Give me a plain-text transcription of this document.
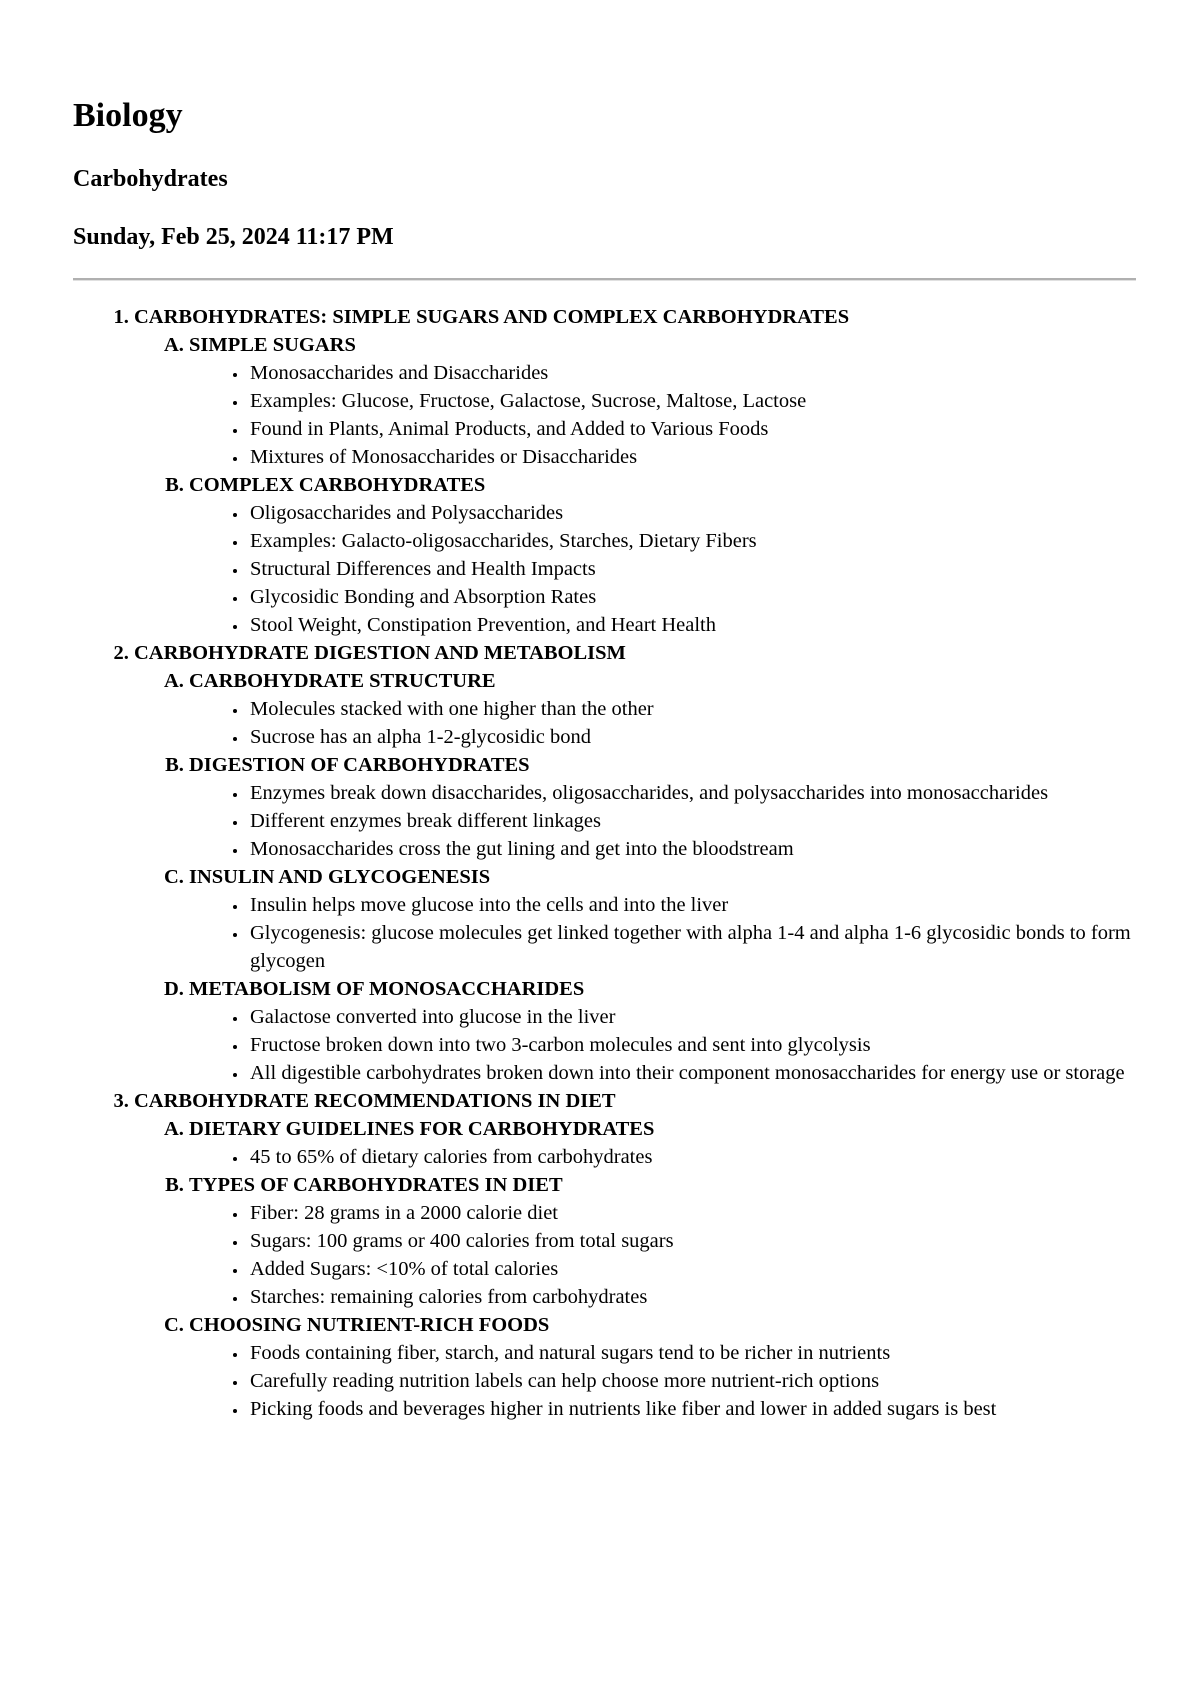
Biology
Carbohydrates
Sunday, Feb 25, 2024 11:17 PM
1. CARBOHYDRATES: SIMPLE SUGARS AND COMPLEX CARBOHYDRATES
A. SIMPLE SUGARS
• Monosaccharides and Disaccharides
• Examples: Glucose, Fructose, Galactose, Sucrose, Maltose, Lactose
• Found in Plants, Animal Products, and Added to Various Foods
• Mixtures of Monosaccharides or Disaccharides
B. COMPLEX CARBOHYDRATES
• Oligosaccharides and Polysaccharides
• Examples: Galacto-oligosaccharides, Starches, Dietary Fibers
• Structural Differences and Health Impacts
• Glycosidic Bonding and Absorption Rates
• Stool Weight, Constipation Prevention, and Heart Health
2. CARBOHYDRATE DIGESTION AND METABOLISM
A. CARBOHYDRATE STRUCTURE
• Molecules stacked with one higher than the other
• Sucrose has an alpha 1-2-glycosidic bond
B. DIGESTION OF CARBOHYDRATES
• Enzymes break down disaccharides, oligosaccharides, and polysaccharides into monosaccharides
• Different enzymes break different linkages
• Monosaccharides cross the gut lining and get into the bloodstream
C. INSULIN AND GLYCOGENESIS
• Insulin helps move glucose into the cells and into the liver
• Glycogenesis: glucose molecules get linked together with alpha 1-4 and alpha 1-6 glycosidic bonds to form glycogen
D. METABOLISM OF MONOSACCHARIDES
• Galactose converted into glucose in the liver
• Fructose broken down into two 3-carbon molecules and sent into glycolysis
• All digestible carbohydrates broken down into their component monosaccharides for energy use or storage
3. CARBOHYDRATE RECOMMENDATIONS IN DIET
A. DIETARY GUIDELINES FOR CARBOHYDRATES
• 45 to 65% of dietary calories from carbohydrates
B. TYPES OF CARBOHYDRATES IN DIET
• Fiber: 28 grams in a 2000 calorie diet
• Sugars: 100 grams or 400 calories from total sugars
• Added Sugars: <10% of total calories
• Starches: remaining calories from carbohydrates
C. CHOOSING NUTRIENT-RICH FOODS
• Foods containing fiber, starch, and natural sugars tend to be richer in nutrients
• Carefully reading nutrition labels can help choose more nutrient-rich options
• Picking foods and beverages higher in nutrients like fiber and lower in added sugars is best
